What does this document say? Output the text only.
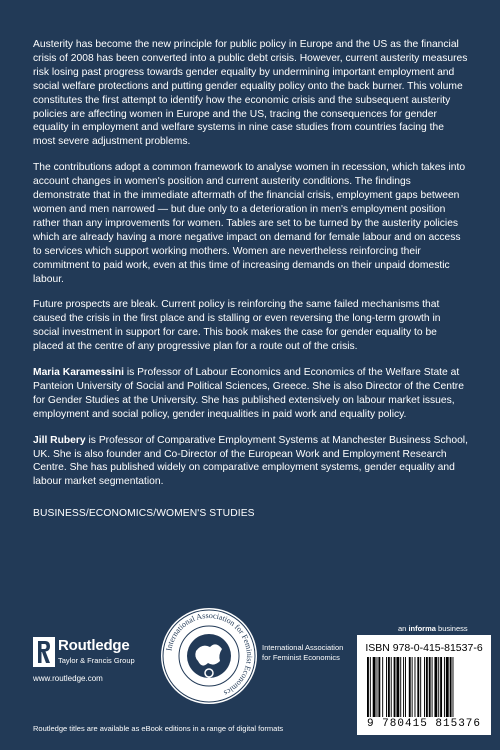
Austerity has become the new principle for public policy in Europe and the US as the financial crisis of 2008 has been converted into a public debt crisis. However, current austerity measures risk losing past progress towards gender equality by undermining important employment and social welfare protections and putting gender equality policy onto the back burner. This volume constitutes the first attempt to identify how the economic crisis and the subsequent austerity policies are affecting women in Europe and the US, tracing the consequences for gender equality in employment and welfare systems in nine case studies from countries facing the most severe adjustment problems.

The contributions adopt a common framework to analyse women in recession, which takes into account changes in women's position and current austerity conditions. The findings demonstrate that in the immediate aftermath of the financial crisis, employment gaps between women and men narrowed — but due only to a deterioration in men's employment position rather than any improvements for women. Tables are set to be turned by the austerity policies which are already having a more negative impact on demand for female labour and on access to services which support working mothers. Women are nevertheless reinforcing their commitment to paid work, even at this time of increasing demands on their unpaid domestic labour.

Future prospects are bleak. Current policy is reinforcing the same failed mechanisms that caused the crisis in the first place and is stalling or even reversing the long-term growth in social investment in support for care. This book makes the case for gender equality to be placed at the centre of any progressive plan for a route out of the crisis.

Maria Karamessini is Professor of Labour Economics and Economics of the Welfare State at Panteion University of Social and Political Sciences, Greece. She is also Director of the Centre for Gender Studies at the University. She has published extensively on labour market issues, employment and social policy, gender inequalities in paid work and equality policy.

Jill Rubery is Professor of Comparative Employment Systems at Manchester Business School, UK. She is also founder and Co-Director of the European Work and Employment Research Centre. She has published widely on comparative employment systems, gender equality and labour market segmentation.

BUSINESS/ECONOMICS/WOMEN'S STUDIES
Routledge
Taylor & Francis Group
www.routledge.com
International Association for Feminist Economics
International Association
for Feminist Economics
an informa business
ISBN 978-0-415-81537-6
9 780415 815376
Routledge titles are available as eBook editions in a range of digital formats
